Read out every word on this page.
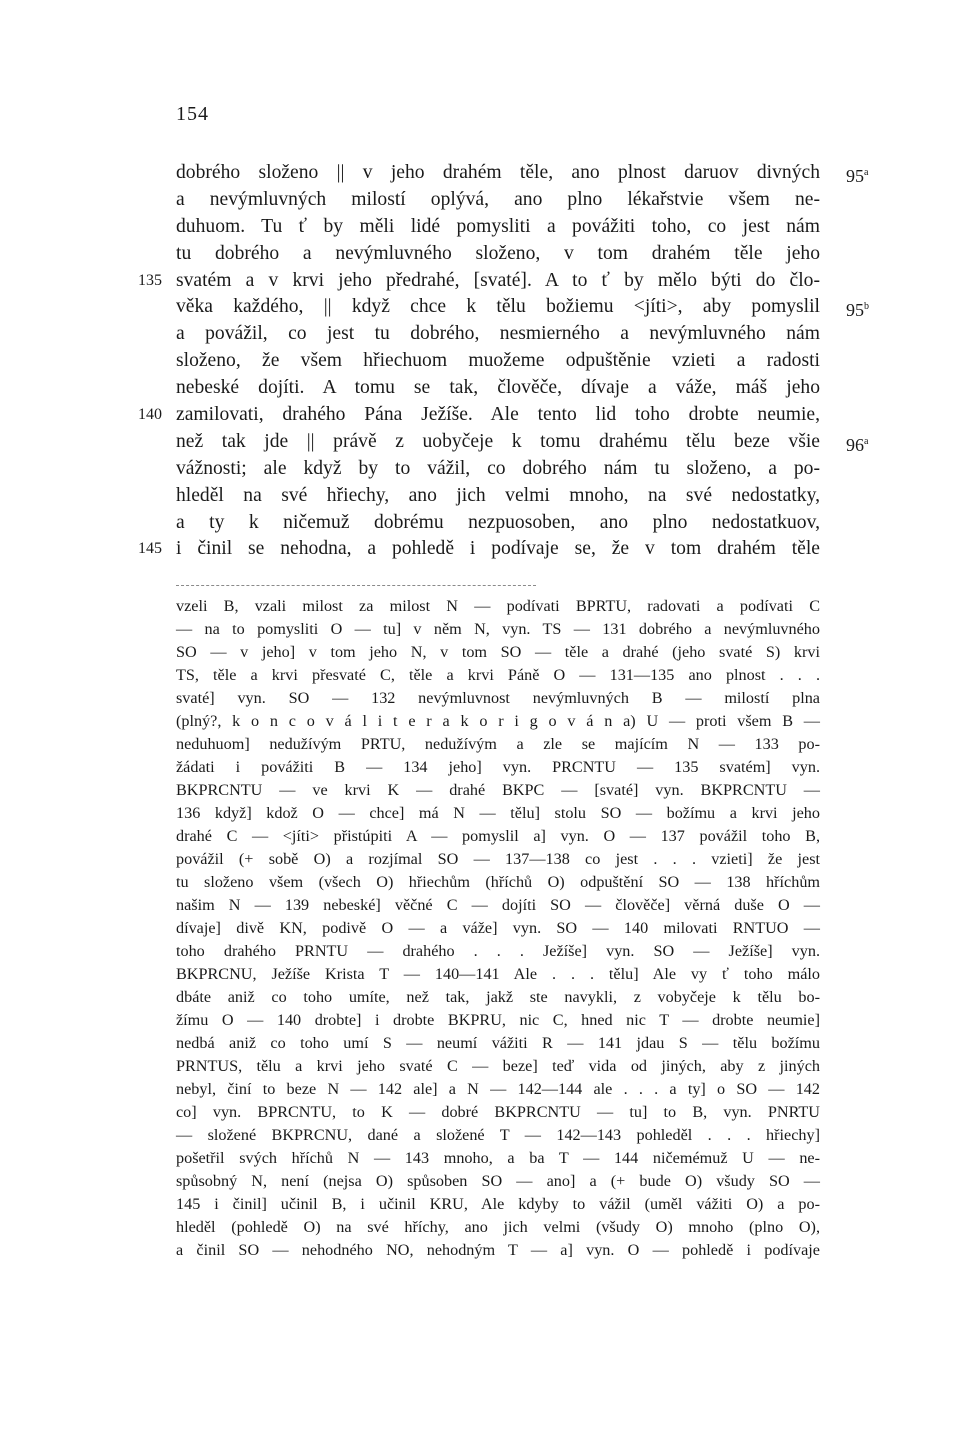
154
dobrého složeno || v jeho drahém těle, ano plnost daruov divných 95$^a$
a nevýmluvných milostí oplývá, ano plno lékařstvie všem ne-
duhuom. Tu ť by měli lidé pomysliti a povážiti toho, co jest nám
tu dobrého a nevýmluvného složeno, v tom drahém těle jeho
135 svatém a v krvi jeho předrahé, [svaté]. A to ť by mělo býti do člo-
věka každého, || když chce k tělu božiemu <jíti>, aby pomyslil 95$^b$
a povážil, co jest tu dobrého, nesmierného a nevýmluvného nám
složeno, že všem hřiechuom muožeme odpuštěnie vzieti a radosti
nebeské dojíti. A tomu se tak, člověče, dívaje a váže, máš jeho
140 zamilovati, drahého Pána Ježíše. Ale tento lid toho drobte neumie,
než tak jde || právě z uobyčeje k tomu drahému tělu beze všie 96$^a$
vážnosti; ale když by to vážil, co dobrého nám tu složeno, a po-
hleděl na své hřiechy, ano jich velmi mnoho, na své nedostatky,
a ty k ničemuž dobrému nezpuosoben, ano plno nedostatkuov,
145 i činil se nehodna, a pohledě i podívaje se, že v tom drahém těle
vzeli B, vzali milost za milost N — podívati BPRTU, radovati a podívati C
— na to pomysliti O — tu] v něm N, vyn. TS — 131 dobrého a nevýmluvného
SO — v jeho] v tom jeho N, v tom SO — těle a drahé (jeho svaté S) krvi
TS, těle a krvi přesvaté C, těle a krvi Páně O — 131—135 ano plnost . . .
svaté] vyn. SO — 132 nevýmluvnost nevýmluvných B — milostí plna
(plný?, k o n c o v á l i t e r a k o r i g o v á n a) U — proti všem B —
neduhuom] nedužívým PRTU, nedužívým a zle se majícím N — 133 po-
žádati i povážiti B — 134 jeho] vyn. PRCNTU — 135 svatém] vyn.
BKPRCNTU — ve krvi K — drahé BKPC — [svaté] vyn. BKPRCNTU —
136 když] kdož O — chce] má N — tělu] stolu SO — božímu a krvi jeho
drahé C — <jíti> přistúpiti A — pomyslil a] vyn. O — 137 povážil toho B,
povážil (+ sobě O) a rozjímal SO — 137—138 co jest . . . vzieti] že jest
tu složeno všem (všech O) hřiechům (hříchů O) odpuštění SO — 138 hříchům
našim N — 139 nebeské] věčné C — dojíti SO — člověče] věrná duše O —
dívaje] divě KN, podivě O — a váže] vyn. SO — 140 milovati RNTUO —
toho drahého PRNTU — drahého . . . Ježíše] vyn. SO — Ježíše] vyn.
BKPRCNU, Ježíše Krista T — 140—141 Ale . . . tělu] Ale vy ť toho málo
dbáte aniž co toho umíte, než tak, jakž ste navykli, z vobyčeje k tělu bo-
žímu O — 140 drobte] i drobte BKPRU, nic C, hned nic T — drobte neumie]
nedbá aniž co toho umí S — neumí vážiti R — 141 jdau S — tělu božímu
PRNTUS, tělu a krvi jeho svaté C — beze] teď vida od jiných, aby z jiných
nebyl, činí to beze N — 142 ale] a N — 142—144 ale . . . a ty] o SO — 142
co] vyn. BPRCNTU, to K — dobré BKPRCNTU — tu] to B, vyn. PNRTU
— složené BKPRCNU, dané a složené T — 142—143 pohleděl . . . hřiechy]
pošetřil svých hříchů N — 143 mnoho, a ba T — 144 ničemémuž U — ne-
spůsobný N, není (nejsa O) spůsoben SO — ano] a (+ bude O) všudy SO —
145 i činil] učinil B, i učinil KRU, Ale kdyby to vážil (uměl vážiti O) a po-
hleděl (pohledě O) na své hříchy, ano jich velmi (všudy O) mnoho (plno O),
a činil SO — nehodného NO, nehodným T — a] vyn. O — pohledě i podívaje
